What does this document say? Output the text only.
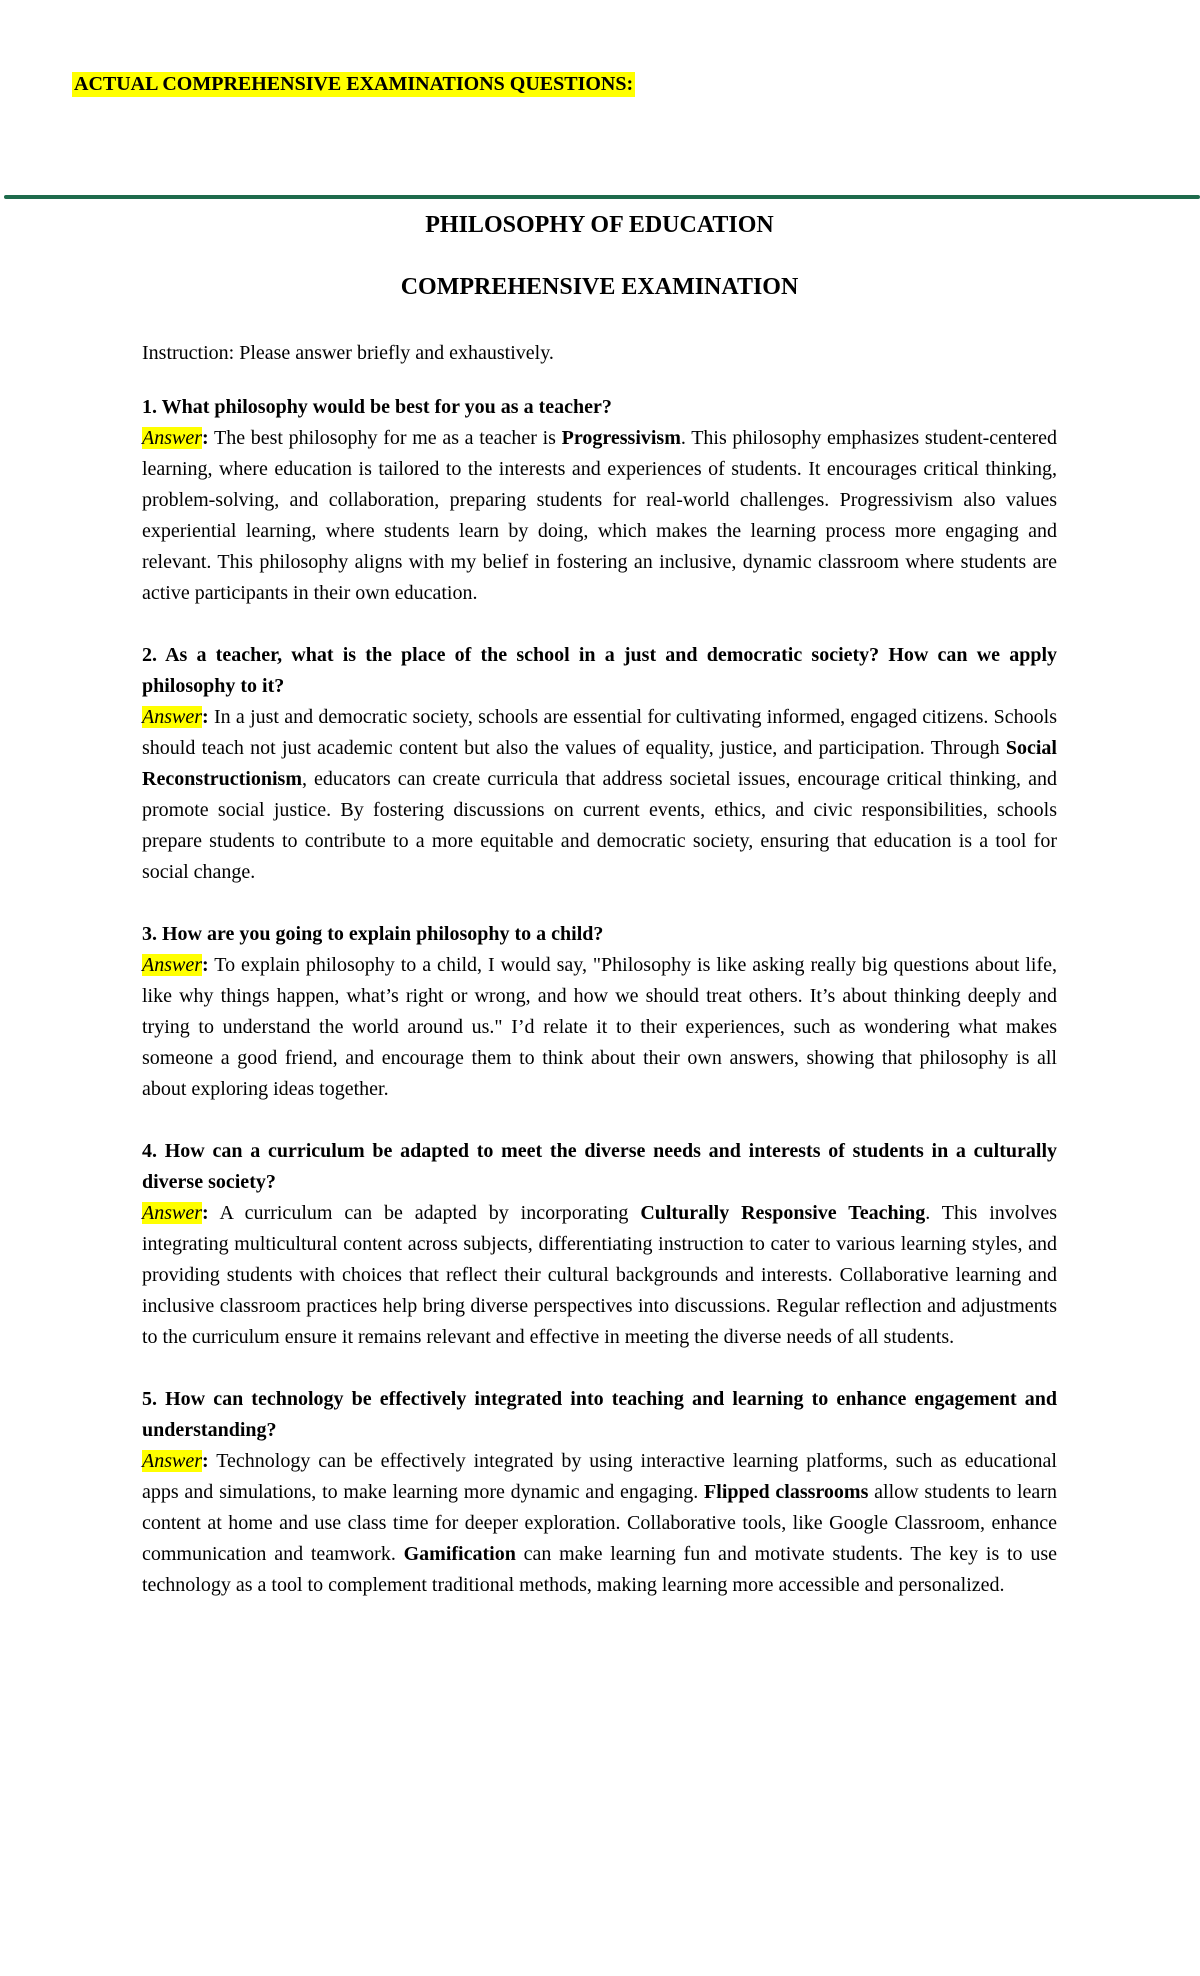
ACTUAL COMPREHENSIVE EXAMINATIONS QUESTIONS:
PHILOSOPHY OF EDUCATION
COMPREHENSIVE EXAMINATION

Instruction: Please answer briefly and exhaustively.

1. What philosophy would be best for you as a teacher?
Answer: The best philosophy for me as a teacher is Progressivism. This philosophy emphasizes student-centered learning, where education is tailored to the interests and experiences of students. It encourages critical thinking, problem-solving, and collaboration, preparing students for real-world challenges. Progressivism also values experiential learning, where students learn by doing, which makes the learning process more engaging and relevant. This philosophy aligns with my belief in fostering an inclusive, dynamic classroom where students are active participants in their own education.
2. As a teacher, what is the place of the school in a just and democratic society? How can we apply philosophy to it?
Answer: In a just and democratic society, schools are essential for cultivating informed, engaged citizens. Schools should teach not just academic content but also the values of equality, justice, and participation. Through Social Reconstructionism, educators can create curricula that address societal issues, encourage critical thinking, and promote social justice. By fostering discussions on current events, ethics, and civic responsibilities, schools prepare students to contribute to a more equitable and democratic society, ensuring that education is a tool for social change.
3. How are you going to explain philosophy to a child?
Answer: To explain philosophy to a child, I would say, "Philosophy is like asking really big questions about life, like why things happen, what’s right or wrong, and how we should treat others. It’s about thinking deeply and trying to understand the world around us." I’d relate it to their experiences, such as wondering what makes someone a good friend, and encourage them to think about their own answers, showing that philosophy is all about exploring ideas together.
4. How can a curriculum be adapted to meet the diverse needs and interests of students in a culturally diverse society?
Answer: A curriculum can be adapted by incorporating Culturally Responsive Teaching. This involves integrating multicultural content across subjects, differentiating instruction to cater to various learning styles, and providing students with choices that reflect their cultural backgrounds and interests. Collaborative learning and inclusive classroom practices help bring diverse perspectives into discussions. Regular reflection and adjustments to the curriculum ensure it remains relevant and effective in meeting the diverse needs of all students.
5. How can technology be effectively integrated into teaching and learning to enhance engagement and understanding?
Answer: Technology can be effectively integrated by using interactive learning platforms, such as educational apps and simulations, to make learning more dynamic and engaging. Flipped classrooms allow students to learn content at home and use class time for deeper exploration. Collaborative tools, like Google Classroom, enhance communication and teamwork. Gamification can make learning fun and motivate students. The key is to use technology as a tool to complement traditional methods, making learning more accessible and personalized.
